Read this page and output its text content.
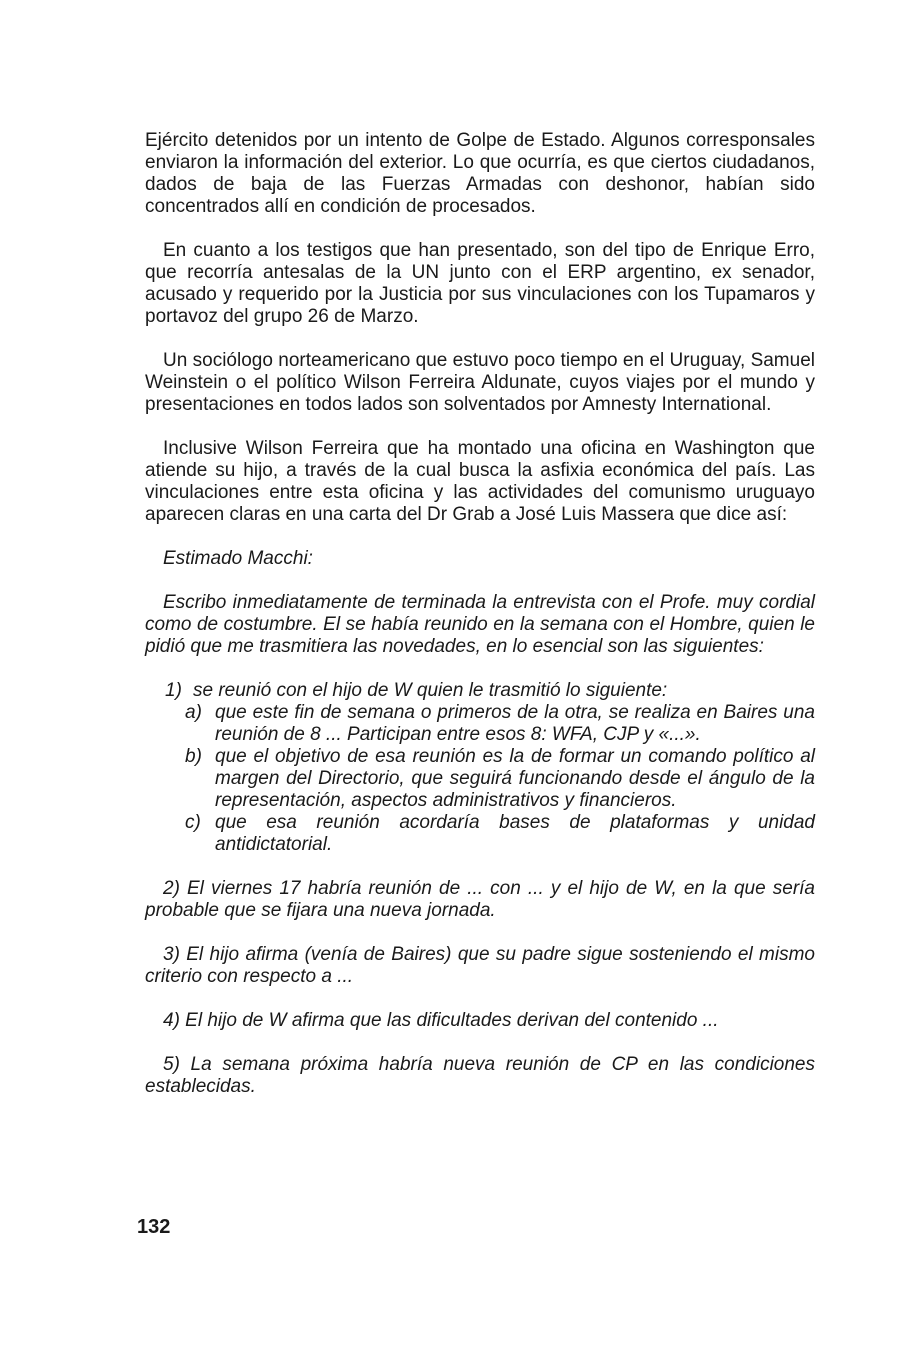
Ejército detenidos por un intento de Golpe de Estado. Algunos corresponsales enviaron la información del exterior. Lo que ocurría, es que ciertos ciudadanos, dados de baja de las Fuerzas Armadas con deshonor, habían sido concentrados allí en condición de procesados.

En cuanto a los testigos que han presentado, son del tipo de Enrique Erro, que recorría antesalas de la UN junto con el ERP argentino, ex senador, acusado y requerido por la Justicia por sus vinculaciones con los Tupamaros y portavoz del grupo 26 de Marzo.

Un sociólogo norteamericano que estuvo poco tiempo en el Uruguay, Samuel Weinstein o el político Wilson Ferreira Aldunate, cuyos viajes por el mundo y presentaciones en todos lados son solventados por Amnesty International.

Inclusive Wilson Ferreira que ha montado una oficina en Washington que atiende su hijo, a través de la cual busca la asfixia económica del país. Las vinculaciones entre esta oficina y las actividades del comunismo uruguayo aparecen claras en una carta del Dr Grab a José Luis Massera que dice así:

Estimado Macchi:

Escribo inmediatamente de terminada la entrevista con el Profe. muy cordial como de costumbre. El se había reunido en la semana con el Hombre, quien le pidió que me trasmitiera las novedades, en lo esencial son las siguientes:

1) se reunió con el hijo de W quien le trasmitió lo siguiente:
a) que este fin de semana o primeros de la otra, se realiza en Baires una reunión de 8 ... Participan entre esos 8: WFA, CJP y «...».
b) que el objetivo de esa reunión es la de formar un comando político al margen del Directorio, que seguirá funcionando desde el ángulo de la representación, aspectos administrativos y financieros.
c) que esa reunión acordaría bases de plataformas y unidad antidictatorial.

2) El viernes 17 habría reunión de ... con ... y el hijo de W, en la que sería probable que se fijara una nueva jornada.

3) El hijo afirma (venía de Baires) que su padre sigue sosteniendo el mismo criterio con respecto a ...

4) El hijo de W afirma que las dificultades derivan del contenido ...

5) La semana próxima habría nueva reunión de CP en las condiciones establecidas.

132
